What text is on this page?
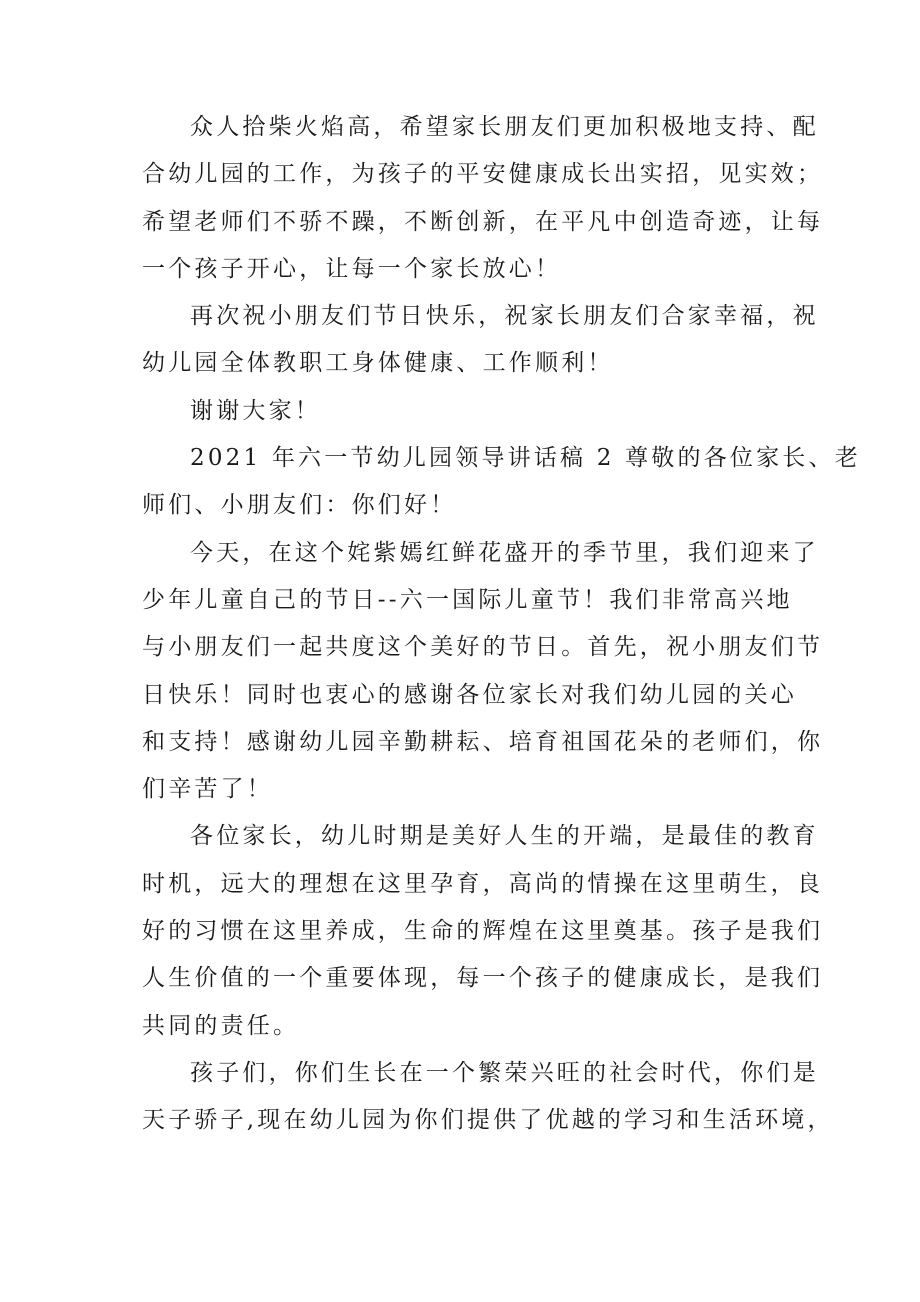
众人拾柴火焰高，希望家长朋友们更加积极地支持、配
合幼儿园的工作，为孩子的平安健康成长出实招，见实效；
希望老师们不骄不躁，不断创新，在平凡中创造奇迹，让每
一个孩子开心，让每一个家长放心！
再次祝小朋友们节日快乐，祝家长朋友们合家幸福，祝
幼儿园全体教职工身体健康、工作顺利！
谢谢大家！
2021 年六一节幼儿园领导讲话稿 2 尊敬的各位家长、老
师们、小朋友们：你们好！
今天，在这个姹紫嫣红鲜花盛开的季节里，我们迎来了
少年儿童自己的节日--六一国际儿童节！我们非常高兴地
与小朋友们一起共度这个美好的节日。首先，祝小朋友们节
日快乐！同时也衷心的感谢各位家长对我们幼儿园的关心
和支持！感谢幼儿园辛勤耕耘、培育祖国花朵的老师们，你
们辛苦了！
各位家长，幼儿时期是美好人生的开端，是最佳的教育
时机，远大的理想在这里孕育，高尚的情操在这里萌生，良
好的习惯在这里养成，生命的辉煌在这里奠基。孩子是我们
人生价值的一个重要体现，每一个孩子的健康成长，是我们
共同的责任。
孩子们，你们生长在一个繁荣兴旺的社会时代，你们是
天子骄子,现在幼儿园为你们提供了优越的学习和生活环境，
